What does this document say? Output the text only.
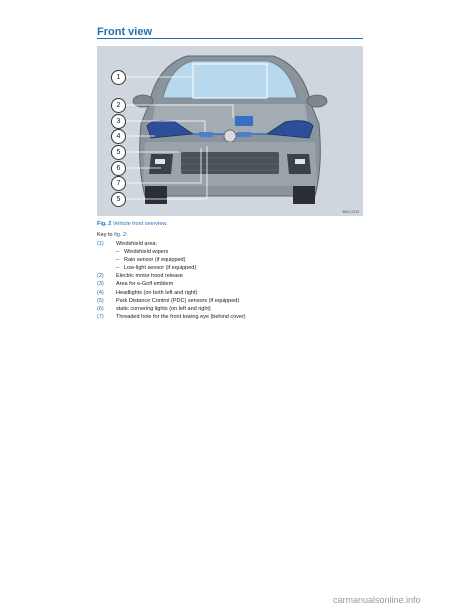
Front view
1
2
3
4
5
6
7
5
BKG-0310
Fig. 2 Vehicle front overview.
Key to fig. 2:
(1)	Windshield area:
– Windshield wipers
– Rain sensor (if equipped)
– Low-light sensor (if equipped)
(2)	Electric motor hood release
(3)	Area for e-Golf emblem
(4)	Headlights (on both left and right)
(5)	Park Distance Control (PDC) sensors (if equipped)
(6)	static cornering lights (on left and right)
(7)	Threaded hole for the front towing eye (behind cover)
carmanualsonline.info
